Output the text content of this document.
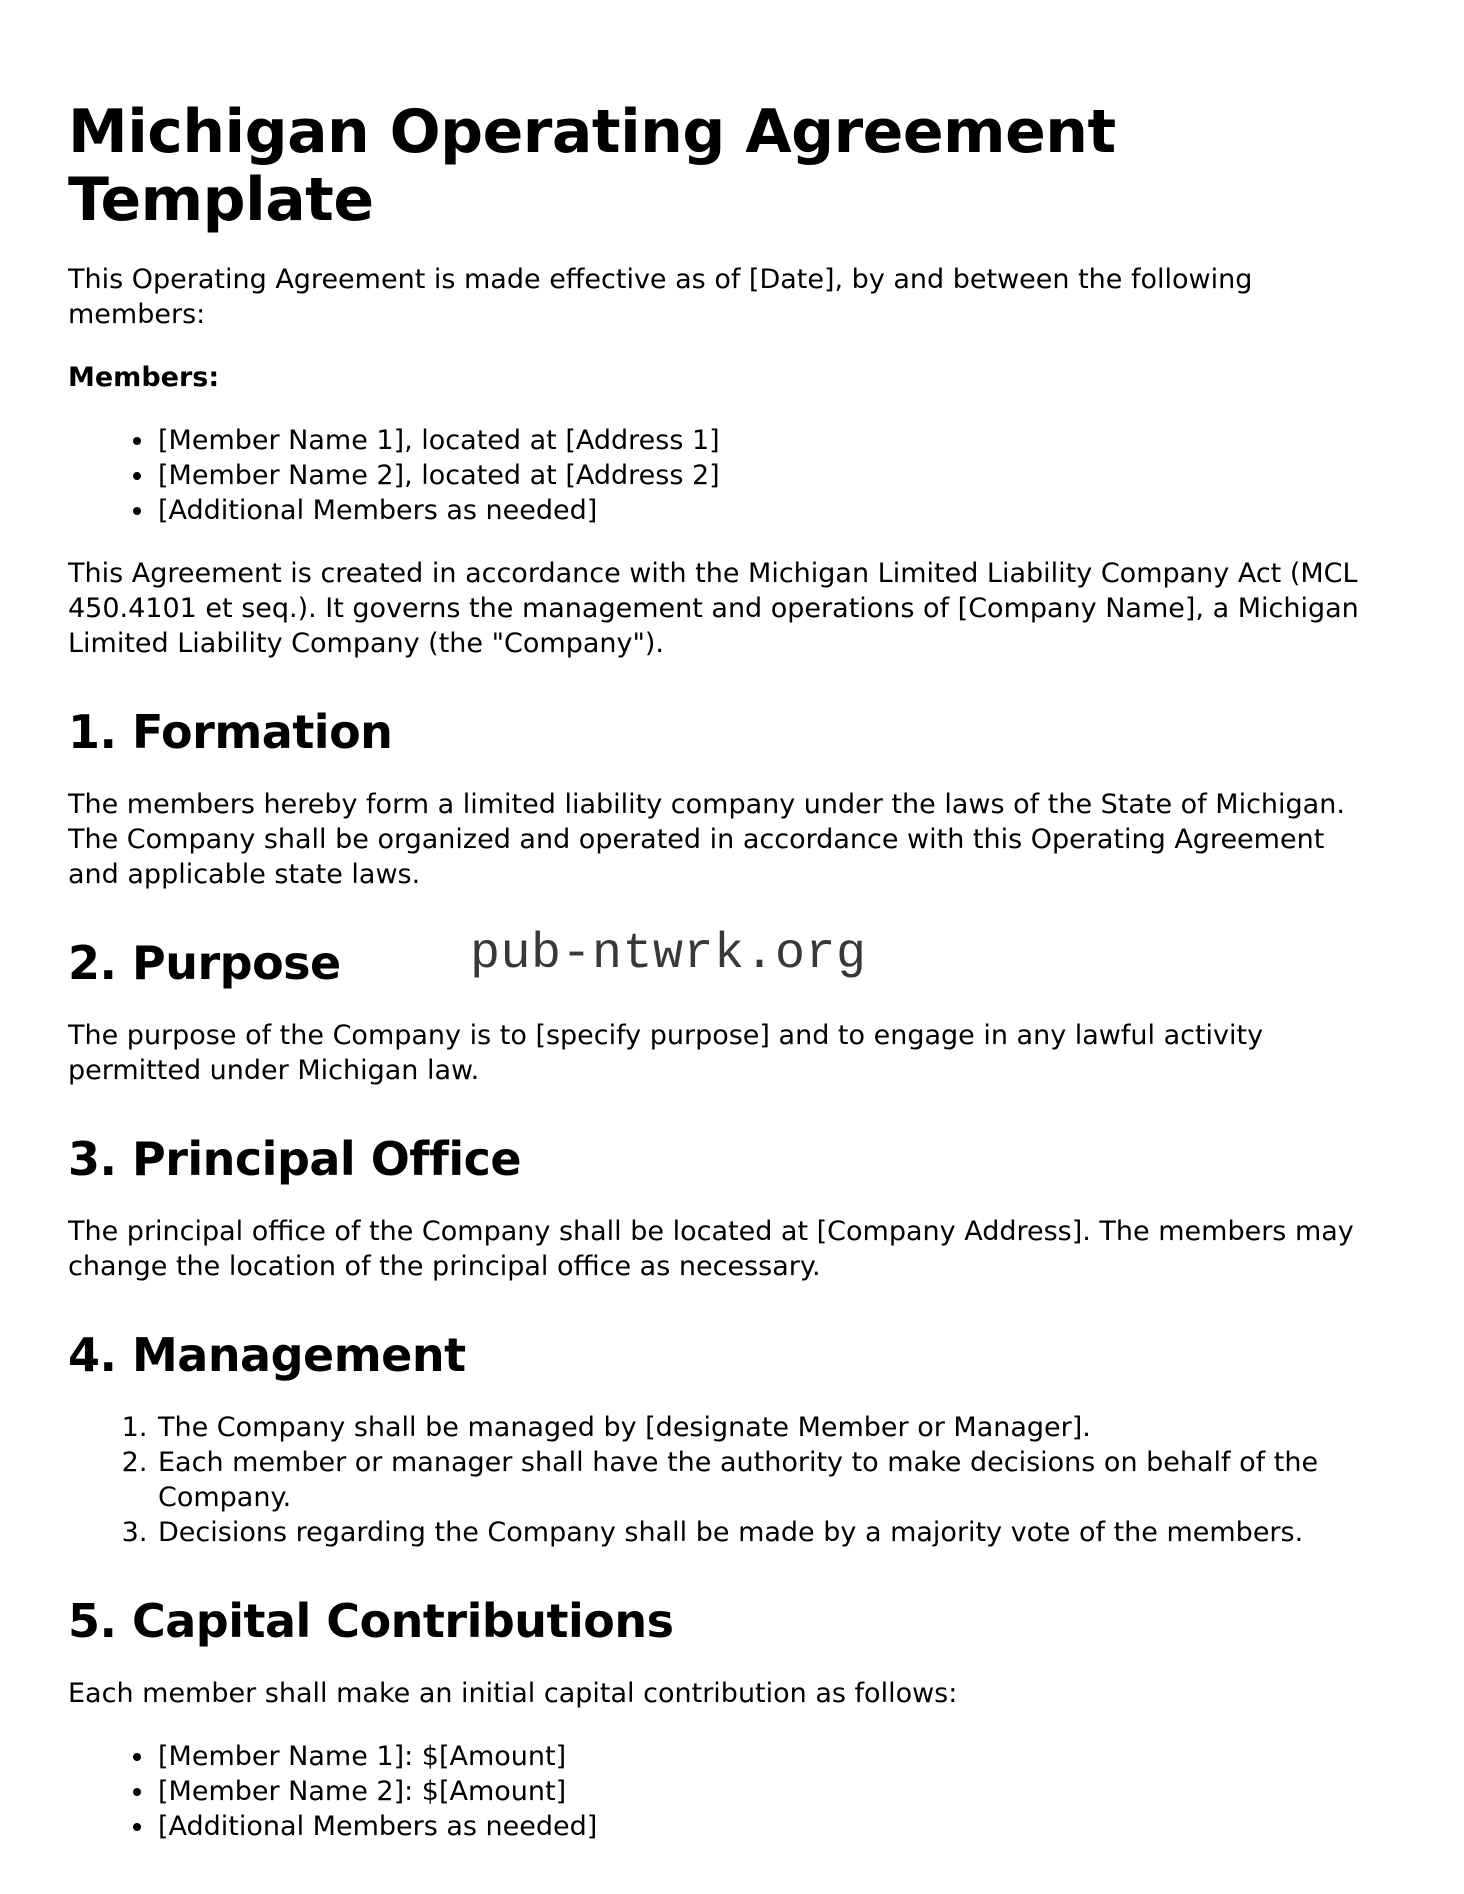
pub-ntwrk.org
Michigan Operating Agreement Template

This Operating Agreement is made effective as of [Date], by and between the following members:

Members:

• [Member Name 1], located at [Address 1]
• [Member Name 2], located at [Address 2]
• [Additional Members as needed]

This Agreement is created in accordance with the Michigan Limited Liability Company Act (MCL 450.4101 et seq.). It governs the management and operations of [Company Name], a Michigan Limited Liability Company (the "Company").

1. Formation

The members hereby form a limited liability company under the laws of the State of Michigan. The Company shall be organized and operated in accordance with this Operating Agreement and applicable state laws.

2. Purpose

The purpose of the Company is to [specify purpose] and to engage in any lawful activity permitted under Michigan law.

3. Principal Office

The principal office of the Company shall be located at [Company Address]. The members may change the location of the principal office as necessary.

4. Management
1. The Company shall be managed by [designate Member or Manager].
2. Each member or manager shall have the authority to make decisions on behalf of the Company.
3. Decisions regarding the Company shall be made by a majority vote of the members.
5. Capital Contributions

Each member shall make an initial capital contribution as follows:

• [Member Name 1]: $[Amount]
• [Member Name 2]: $[Amount]
• [Additional Members as needed]
